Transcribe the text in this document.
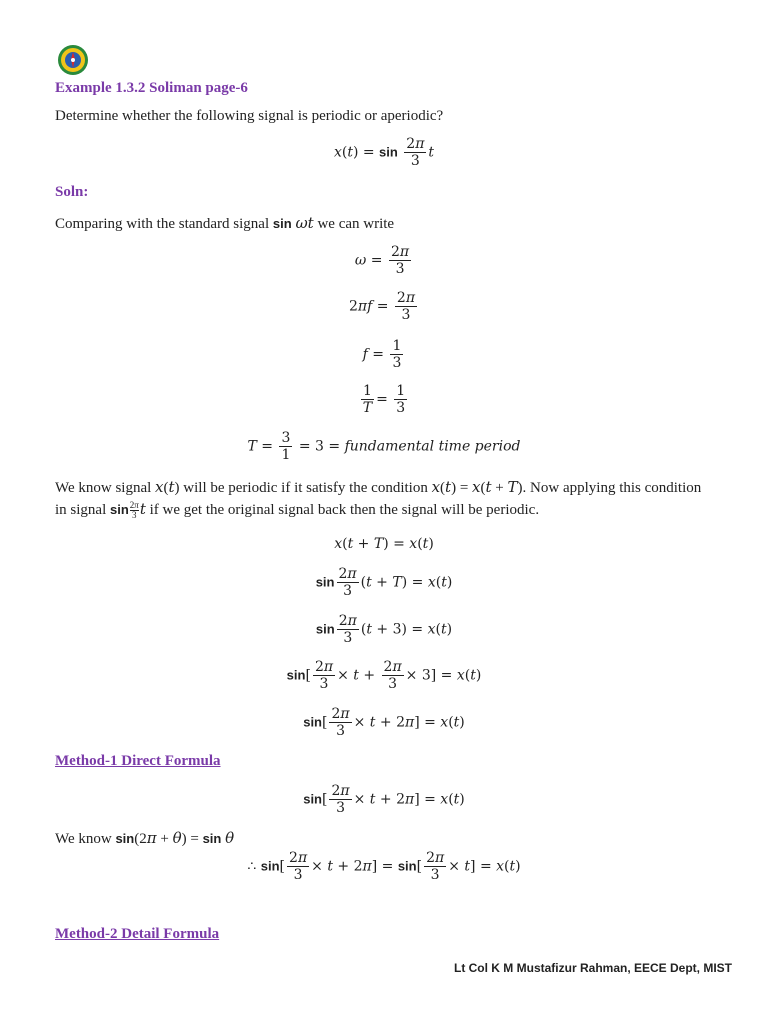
Example 1.3.2 Soliman page-6
Determine whether the following signal is periodic or aperiodic?
$x(t) = \sin \frac{2\pi}{3}$ t
Soln:
Comparing with the standard signal sin ωt we can write
$\omega = \frac{2\pi}{3}$
$2\pi f = \frac{2\pi}{3}$
$f = \frac{1}{3}$
$\frac{1}{T} = \frac{1}{3}$
$T = \frac{3}{1} = 3$ = fundamental time period
We know signal x(t) will be periodic if it satisfy the condition x(t) = x(t + T). Now applying this condition
in signal $\sin \frac{2\pi}{3}$ t if we get the original signal back then the signal will be periodic.
x(t + T) = x(t)
$\sin \frac{2\pi}{3} (t + T) = x(t)$
$\sin \frac{2\pi}{3} (t + 3) = x(t)$
$\sin[ \frac{2\pi}{3} \times t + \frac{2\pi}{3} \times 3] = x(t)$
$\sin[ \frac{2\pi}{3} \times t + 2\pi] = x(t)$
Method-1 Direct Formula
$\sin[ \frac{2\pi}{3} \times t + 2\pi] = x(t)$
We know sin(2π + θ) = sin θ
∴ $\sin[ \frac{2\pi}{3} \times t + 2\pi] = \sin[ \frac{2\pi}{3} \times t] = x(t)$
Method-2 Detail Formula
Lt Col K M Mustafizur Rahman, EECE Dept, MIST
